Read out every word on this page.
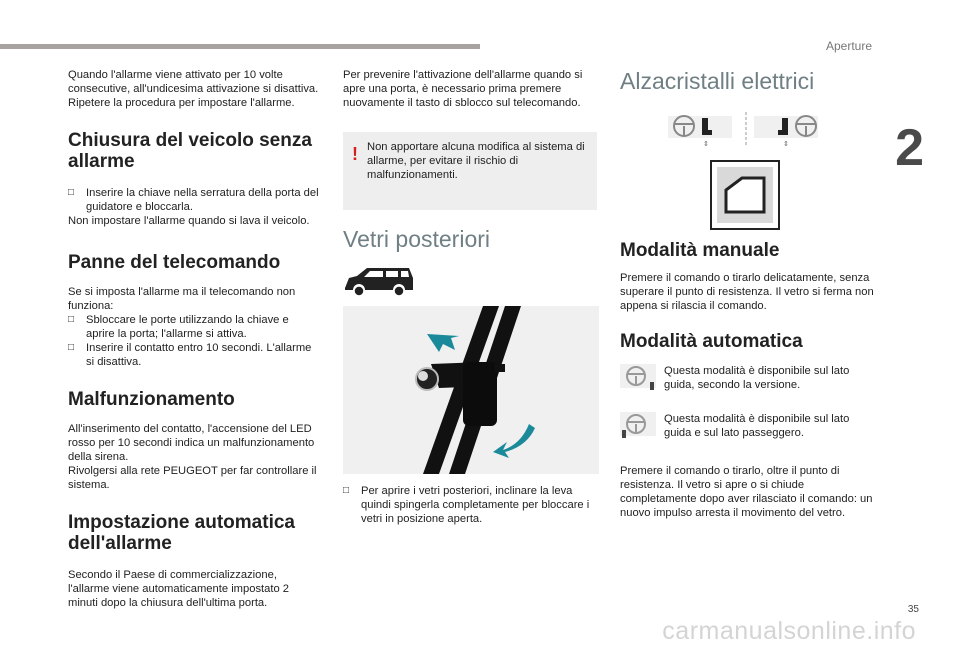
Aperture
2

Quando l'allarme viene attivato per 10 volte consecutive, all'undicesima attivazione si disattiva. Ripetere la procedura per impostare l'allarme.

Chiusura del veicolo senza allarme

□ Inserire la chiave nella serratura della porta del guidatore e bloccarla.

Non impostare l'allarme quando si lava il veicolo.

Panne del telecomando

Se si imposta l'allarme ma il telecomando non funziona:

□ Sbloccare le porte utilizzando la chiave e aprire la porta; l'allarme si attiva.

□ Inserire il contatto entro 10 secondi. L'allarme si disattiva.

Malfunzionamento

All'inserimento del contatto, l'accensione del LED rosso per 10 secondi indica un malfunzionamento della sirena.

Rivolgersi alla rete PEUGEOT per far controllare il sistema.

Impostazione automatica dell'allarme

Secondo il Paese di commercializzazione, l'allarme viene automaticamente impostato 2 minuti dopo la chiusura dell'ultima porta.

Per prevenire l'attivazione dell'allarme quando si apre una porta, è necessario prima premere nuovamente il tasto di sblocco sul telecomando.

! Non apportare alcuna modifica al sistema di allarme, per evitare il rischio di malfunzionamenti.

Vetri posteriori

□ Per aprire i vetri posteriori, inclinare la leva quindi spingerla completamente per bloccare i vetri in posizione aperta.

Alzacristalli elettrici
⇕	⇕
Modalità manuale

Premere il comando o tirarlo delicatamente, senza superare il punto di resistenza. Il vetro si ferma non appena si rilascia il comando.

Modalità automatica

Questa modalità è disponibile sul lato guida, secondo la versione.

Questa modalità è disponibile sul lato guida e sul lato passeggero.

Premere il comando o tirarlo, oltre il punto di resistenza. Il vetro si apre o si chiude completamente dopo aver rilasciato il comando: un nuovo impulso arresta il movimento del vetro.

35
carmanualsonline.info
